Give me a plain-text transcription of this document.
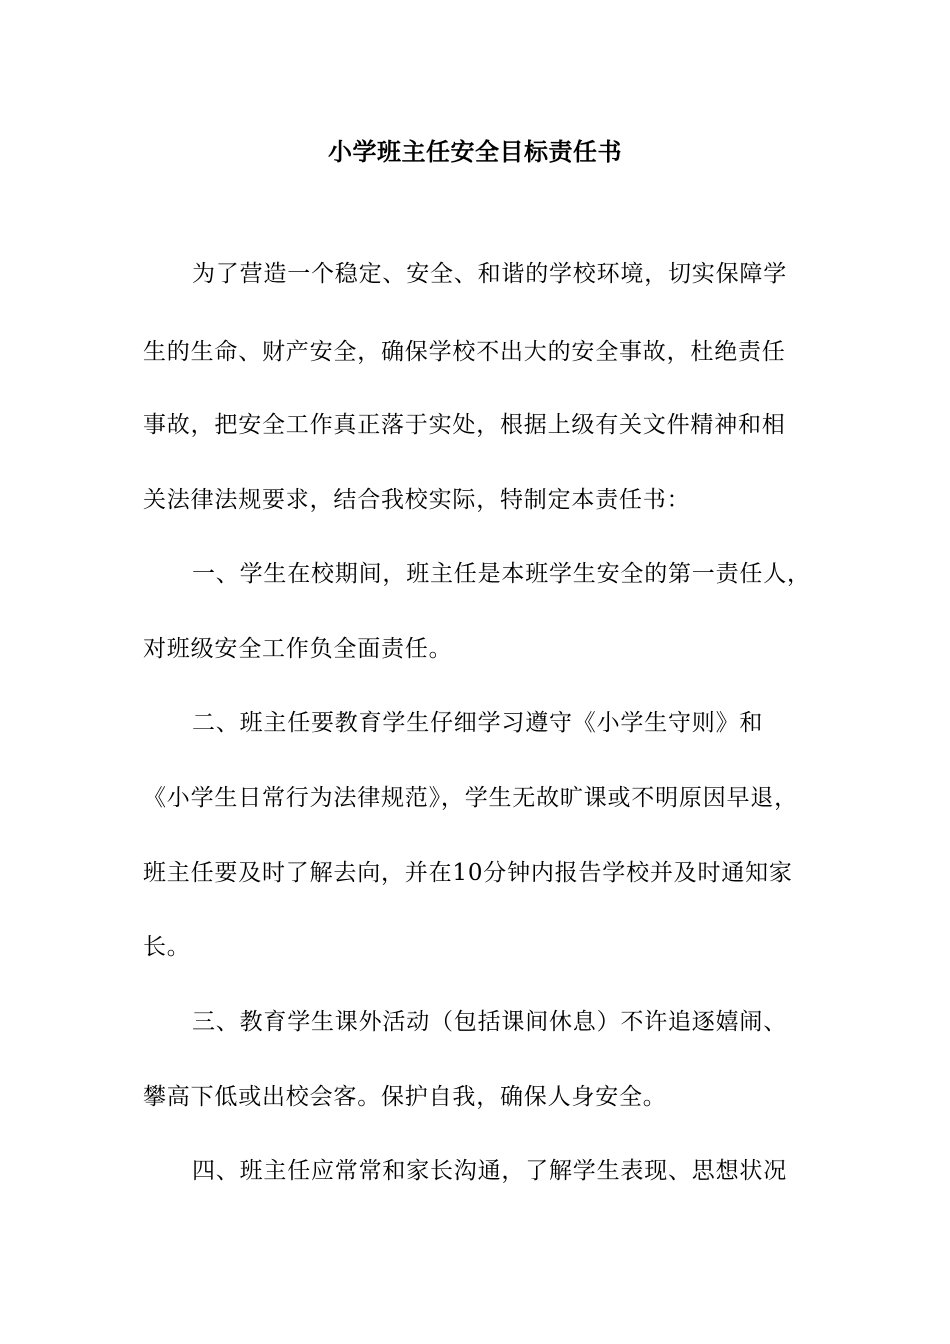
小学班主任安全目标责任书
为了营造一个稳定、安全、和谐的学校环境，切实保障学
生的生命、财产安全，确保学校不出大的安全事故，杜绝责任
事故，把安全工作真正落于实处，根据上级有关文件精神和相
关法律法规要求，结合我校实际，特制定本责任书：
一、学生在校期间，班主任是本班学生安全的第一责任人，
对班级安全工作负全面责任。
二、班主任要教育学生仔细学习遵守《小学生守则》和
《小学生日常行为法律规范》，学生无故旷课或不明原因早退，
班主任要及时了解去向，并在10分钟内报告学校并及时通知家
长。
三、教育学生课外活动（包括课间休息）不许追逐嬉闹、
攀高下低或出校会客。保护自我，确保人身安全。
四、班主任应常常和家长沟通，了解学生表现、思想状况
